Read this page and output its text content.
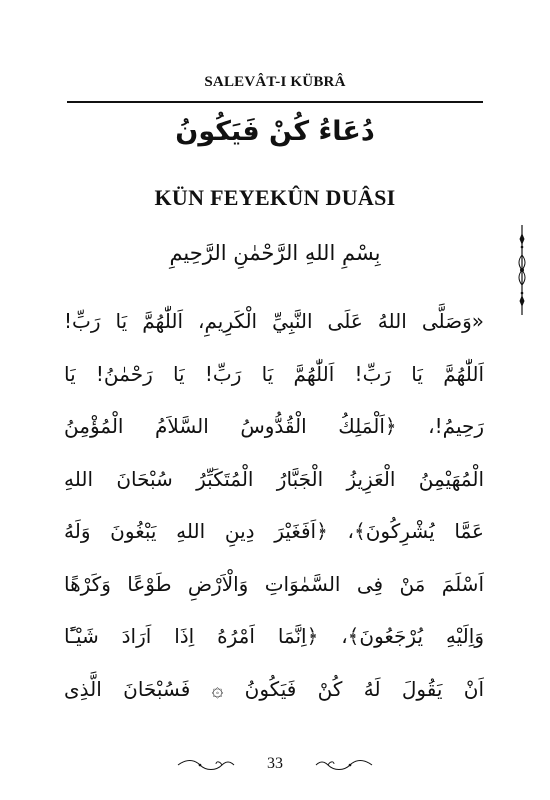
SALEVÂT-I KÜBRÂ
دُعَاءُ كُنْ فَيَكُونُ
KÜN FEYEKÛN DUÂSI
بِسْمِ اللهِ الرَّحْمٰنِ الرَّحِيمِ
«وَصَلَّى اللهُ عَلَى النَّبِيِّ الْكَرِيمِ، اَللّٰهُمَّ يَا رَبِّ!
اَللّٰهُمَّ يَا رَبِّ! اَللّٰهُمَّ يَا رَبِّ! يَا رَحْمٰنُ! يَا
رَحِيمُ!، ﴿اَلْمَلِكُ الْقُدُّوسُ السَّلاَمُ الْمُؤْمِنُ
الْمُهَيْمِنُ الْعَزِيزُ الْجَبَّارُ الْمُتَكَبِّرُ سُبْحَانَ اللهِ
عَمَّا يُشْرِكُونَ﴾، ﴿اَفَغَيْرَ دِينِ اللهِ يَبْغُونَ وَلَهُ
اَسْلَمَ مَنْ فِى السَّمٰوَاتِ وَالْاَرْضِ طَوْعًا وَكَرْهًا
وَاِلَيْهِ يُرْجَعُونَ﴾، ﴿اِنَّمَا اَمْرُهُ اِذَا اَرَادَ شَيْـًٔا
اَنْ يَقُولَ لَهُ كُنْ فَيَكُونُ ۞ فَسُبْحَانَ الَّذِى
33
